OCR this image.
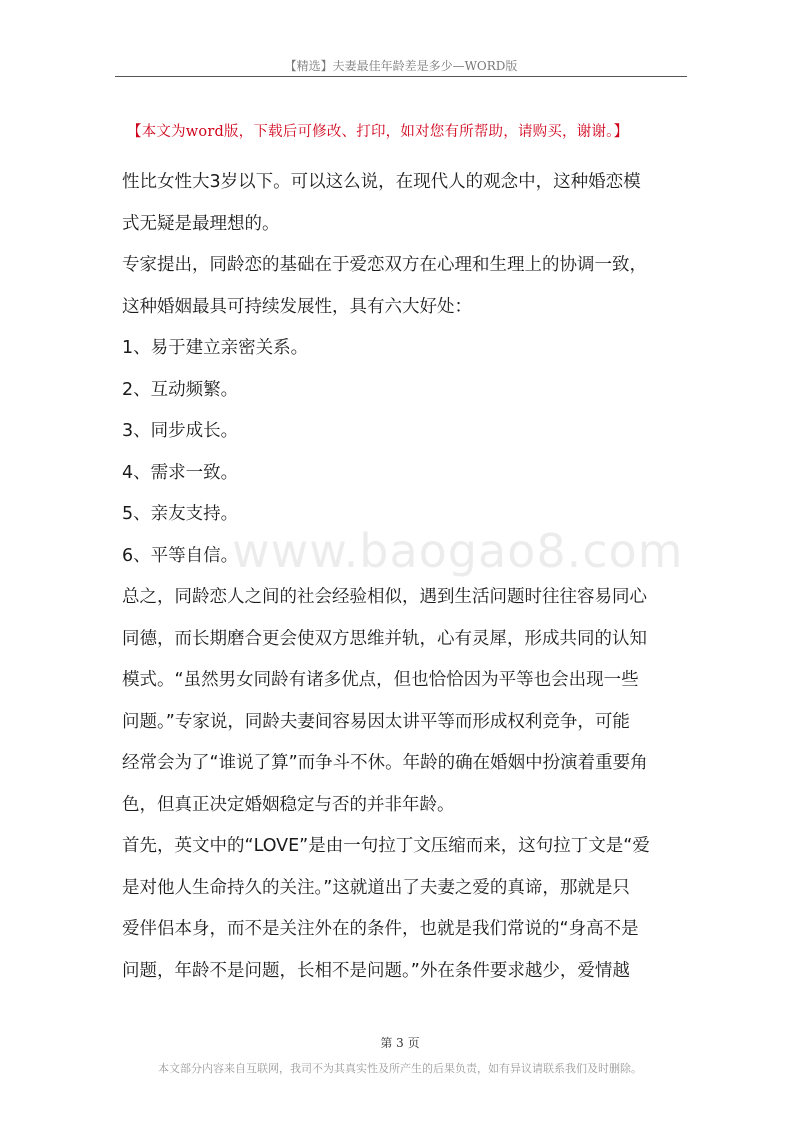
【精选】夫妻最佳年龄差是多少—WORD版
【本文为word版，下载后可修改、打印，如对您有所帮助，请购买，谢谢。】
性比女性大3岁以下。可以这么说，在现代人的观念中，这种婚恋模
式无疑是最理想的。
专家提出，同龄恋的基础在于爱恋双方在心理和生理上的协调一致，
这种婚姻最具可持续发展性，具有六大好处：
1、易于建立亲密关系。
2、互动频繁。
3、同步成长。
4、需求一致。
5、亲友支持。
6、平等自信。
总之，同龄恋人之间的社会经验相似，遇到生活问题时往往容易同心
同德，而长期磨合更会使双方思维并轨，心有灵犀，形成共同的认知
模式。“虽然男女同龄有诸多优点，但也恰恰因为平等也会出现一些
问题。”专家说，同龄夫妻间容易因太讲平等而形成权利竞争，可能
经常会为了“谁说了算”而争斗不休。年龄的确在婚姻中扮演着重要角
色，但真正决定婚姻稳定与否的并非年龄。
首先，英文中的“LOVE”是由一句拉丁文压缩而来，这句拉丁文是“爱
是对他人生命持久的关注。”这就道出了夫妻之爱的真谛，那就是只
爱伴侣本身，而不是关注外在的条件，也就是我们常说的“身高不是
问题，年龄不是问题，长相不是问题。”外在条件要求越少，爱情越
www.baogao8.com
第 3 页
本文部分内容来自互联网，我司不为其真实性及所产生的后果负责，如有异议请联系我们及时删除。
